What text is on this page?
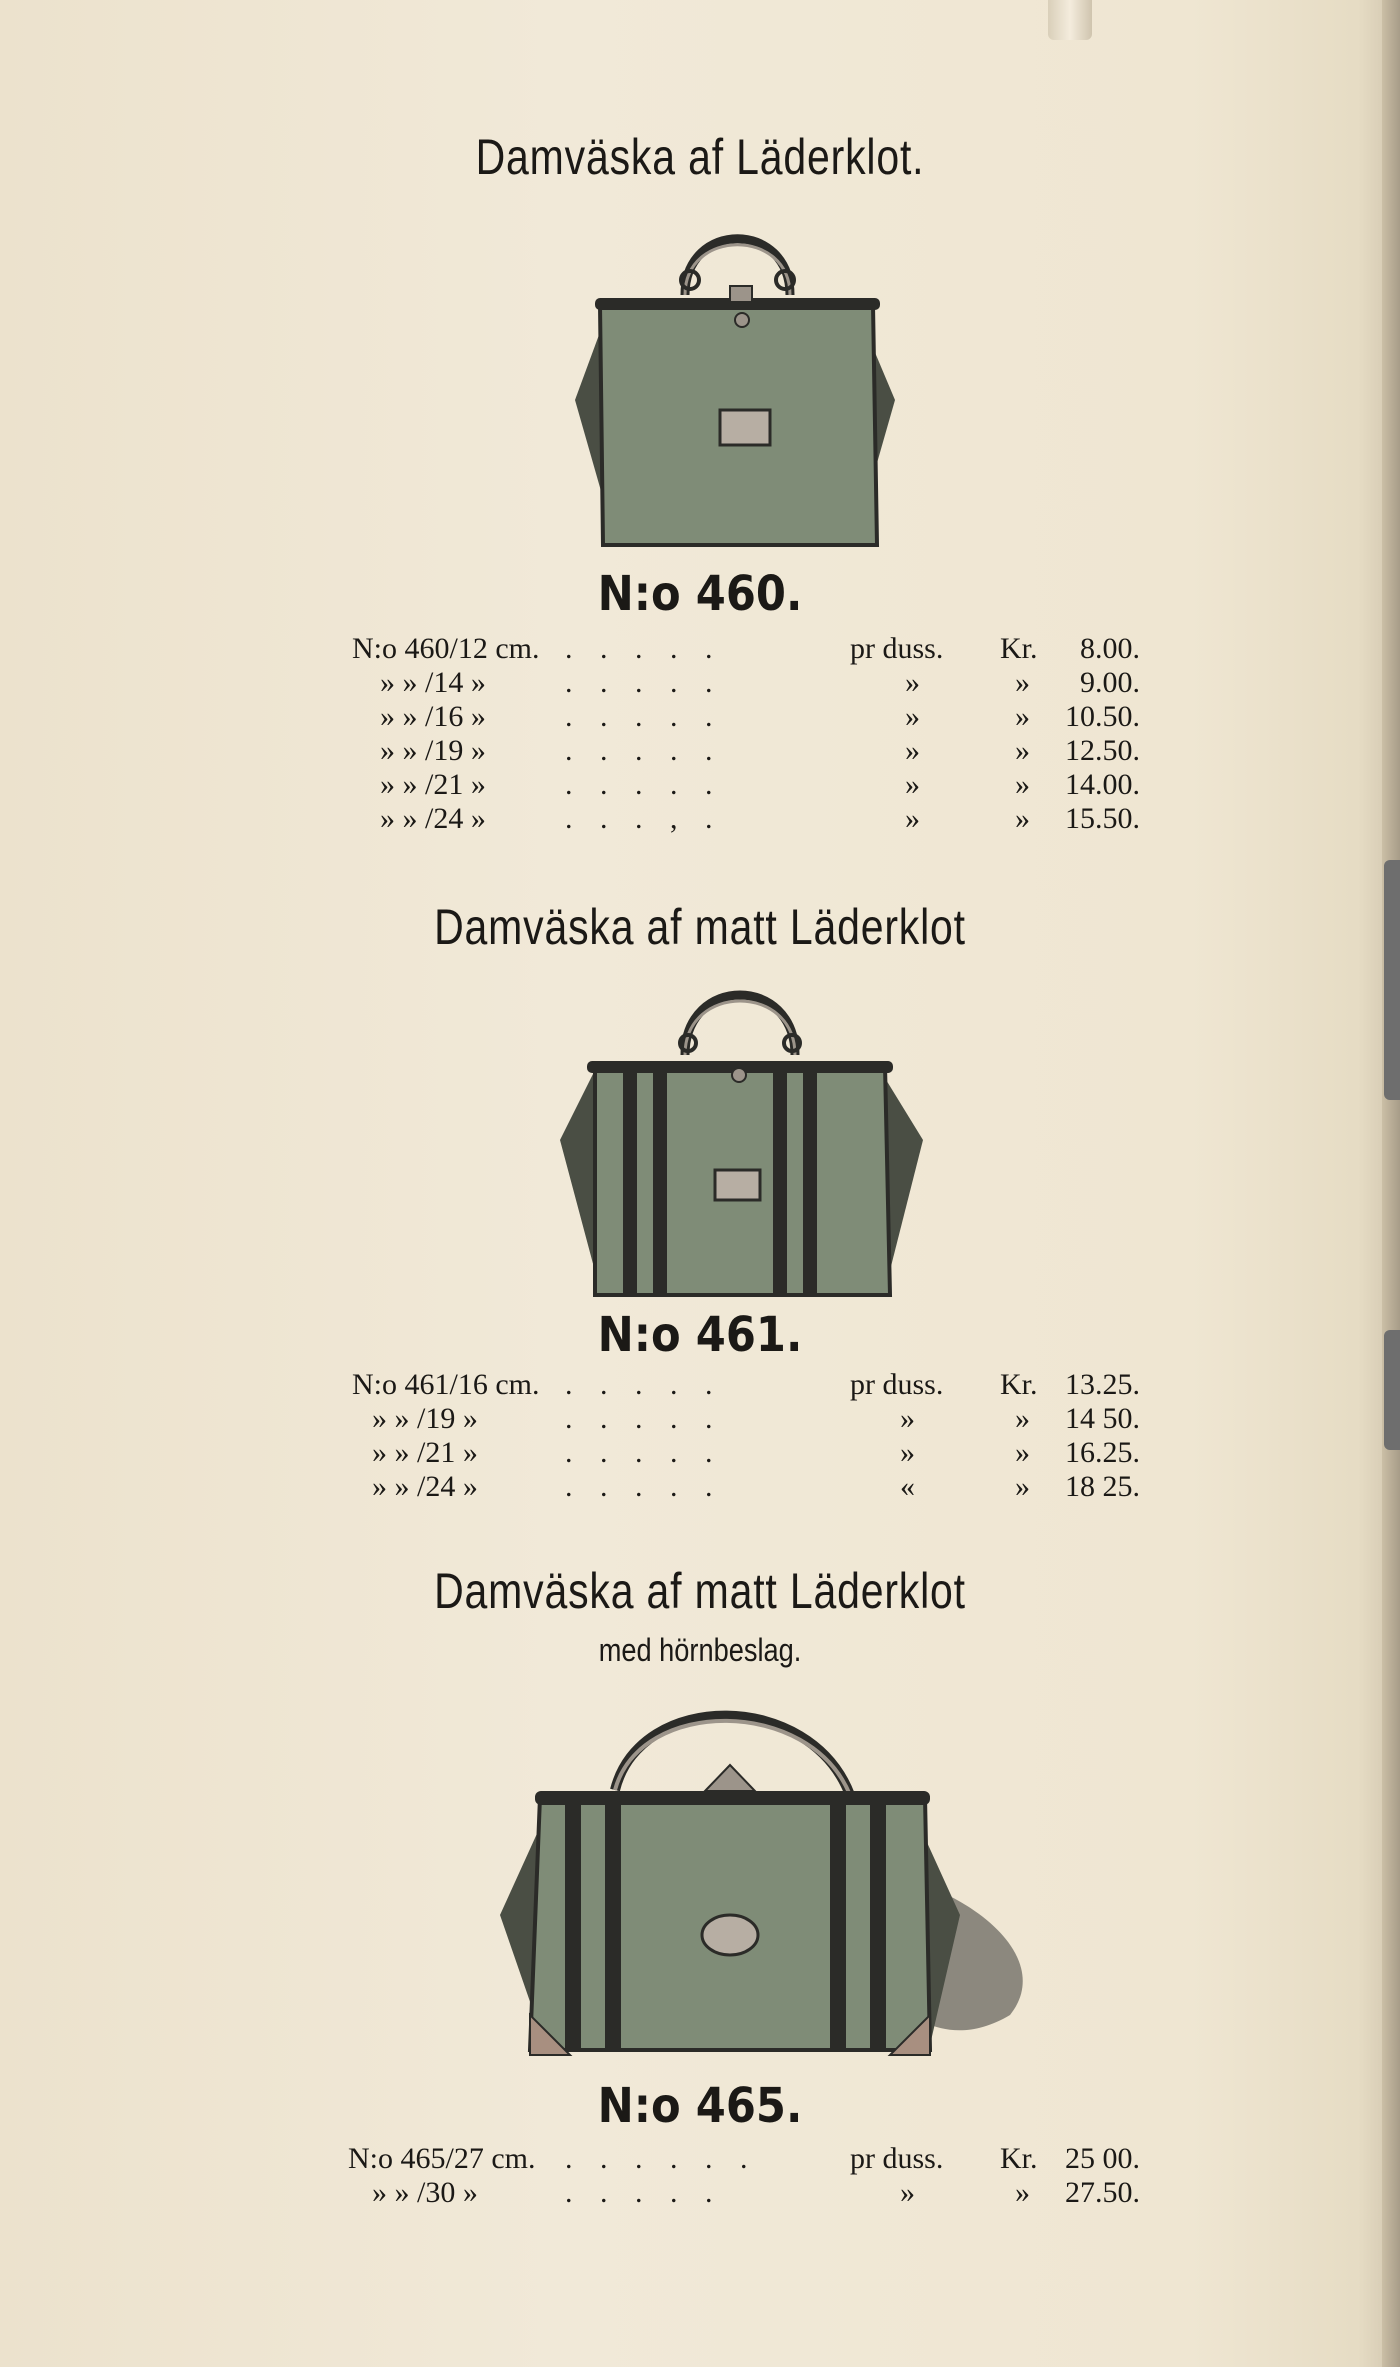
Damväska af Läderklot.
N:o 460.
N:o 460/12 cm. . . . . .	pr duss. Kr.	8.00.
» » /14 »	. . . . .	»	»	9.00.
» » /16 »	. . . . .	»	»	10.50.
» » /19 »	. . . . .	»	»	12.50.
» » /21 »	. . . . .	»	»	14.00.
» » /24 »	. . . , .	»	»	15.50.
Damväska af matt Läderklot
N:o 461.
N:o 461/16 cm. . . . . .	pr duss. Kr. 13.25.
» » /19 »	. . . . .	»	»	14 50.
» » /21 »	. . . . .	»	»	16.25.
» » /24 »	. . . . .	«	»	18 25.
Damväska af matt Läderklot
med hörnbeslag.
N:o 465.
N:o 465/27 cm. . . . . . .	pr duss. Kr. 25 00.
» » /30 »	. . . . .	»	»	27.50.
